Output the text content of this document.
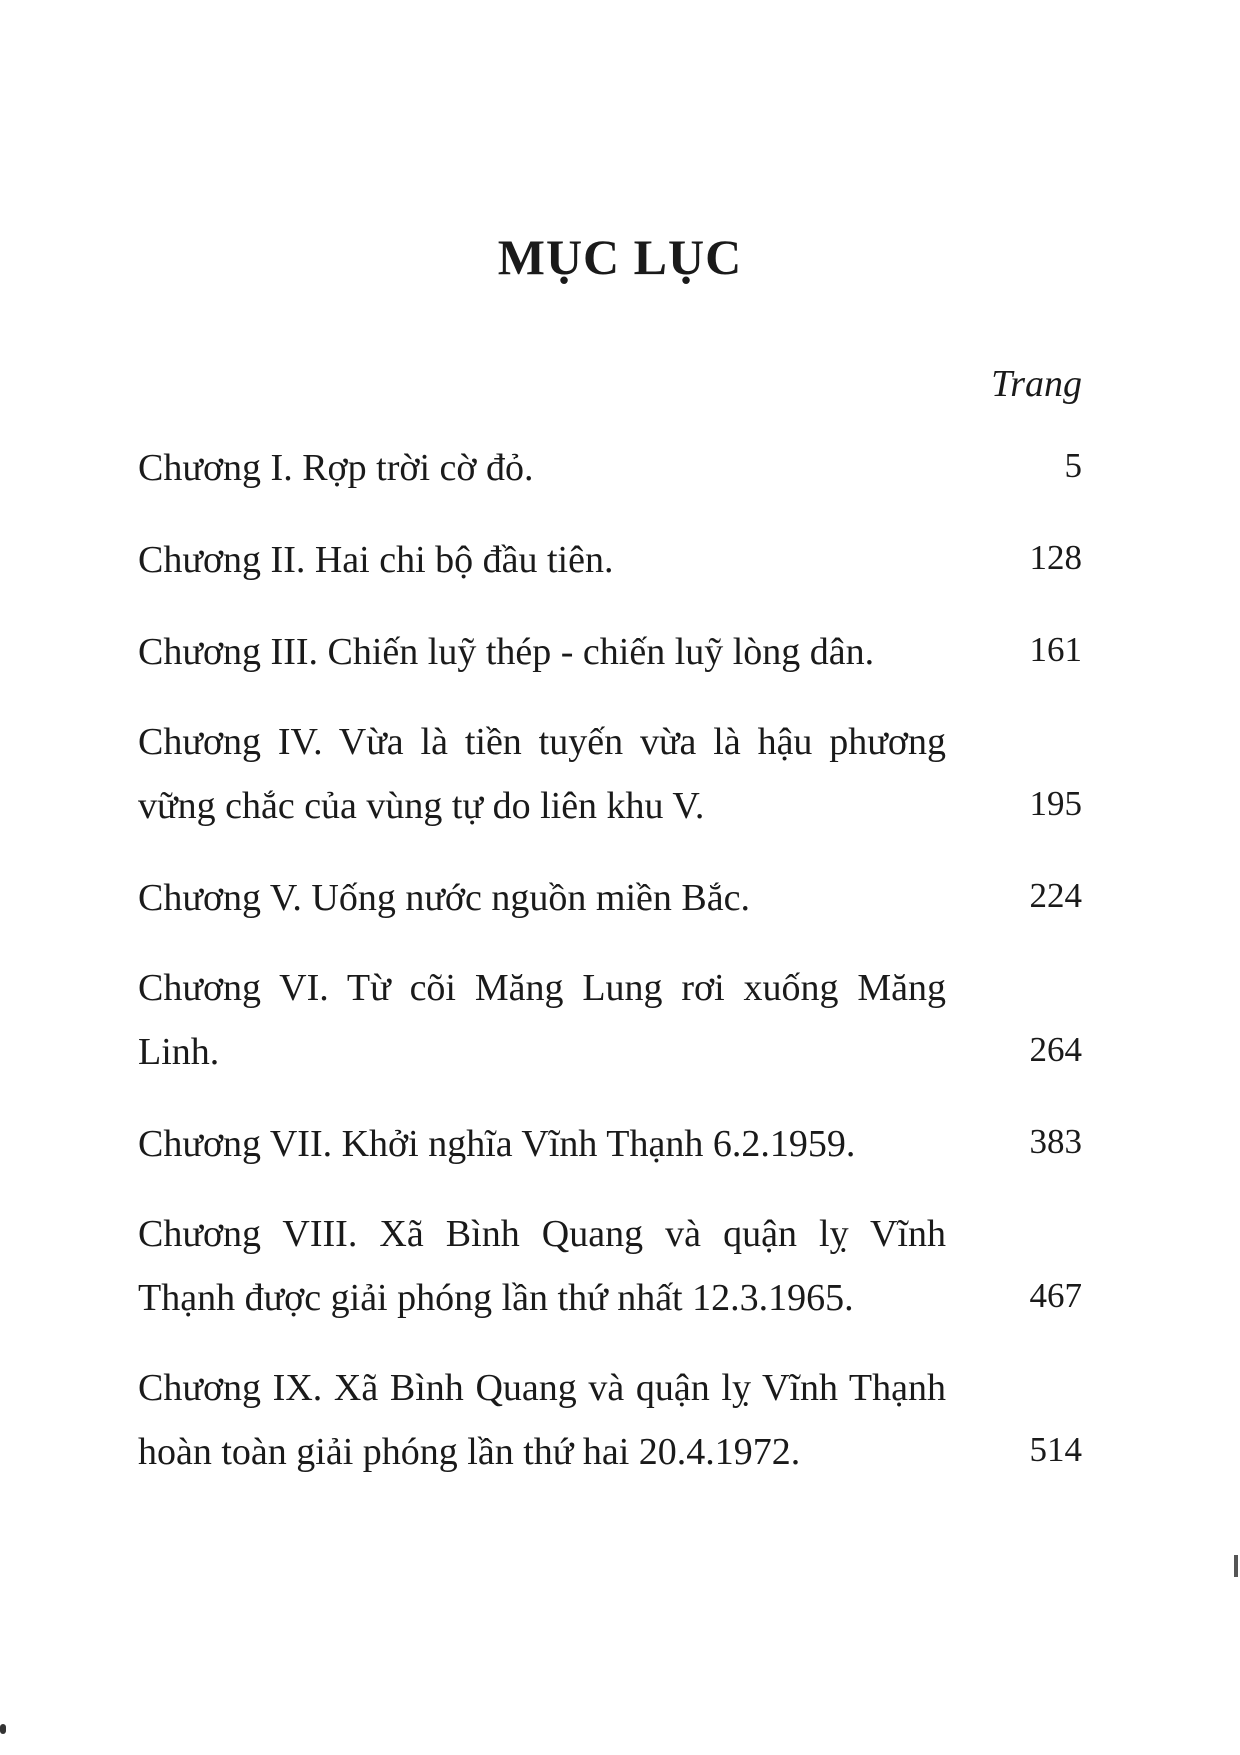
MỤC LỤC
Trang
Chương I. Rợp trời cờ đỏ.	5
Chương II. Hai chi bộ đầu tiên.	128
Chương III. Chiến luỹ thép - chiến luỹ lòng dân.	161
Chương IV. Vừa là tiền tuyến vừa là hậu phương vững chắc của vùng tự do liên khu V.	195
Chương V. Uống nước nguồn miền Bắc.	224
Chương VI. Từ cõi Măng Lung rơi xuống Măng Linh.	264
Chương VII. Khởi nghĩa Vĩnh Thạnh 6.2.1959.	383
Chương VIII. Xã Bình Quang và quận lỵ Vĩnh Thạnh được giải phóng lần thứ nhất 12.3.1965.	467
Chương IX. Xã Bình Quang và quận lỵ Vĩnh Thạnh hoàn toàn giải phóng lần thứ hai 20.4.1972.	514
